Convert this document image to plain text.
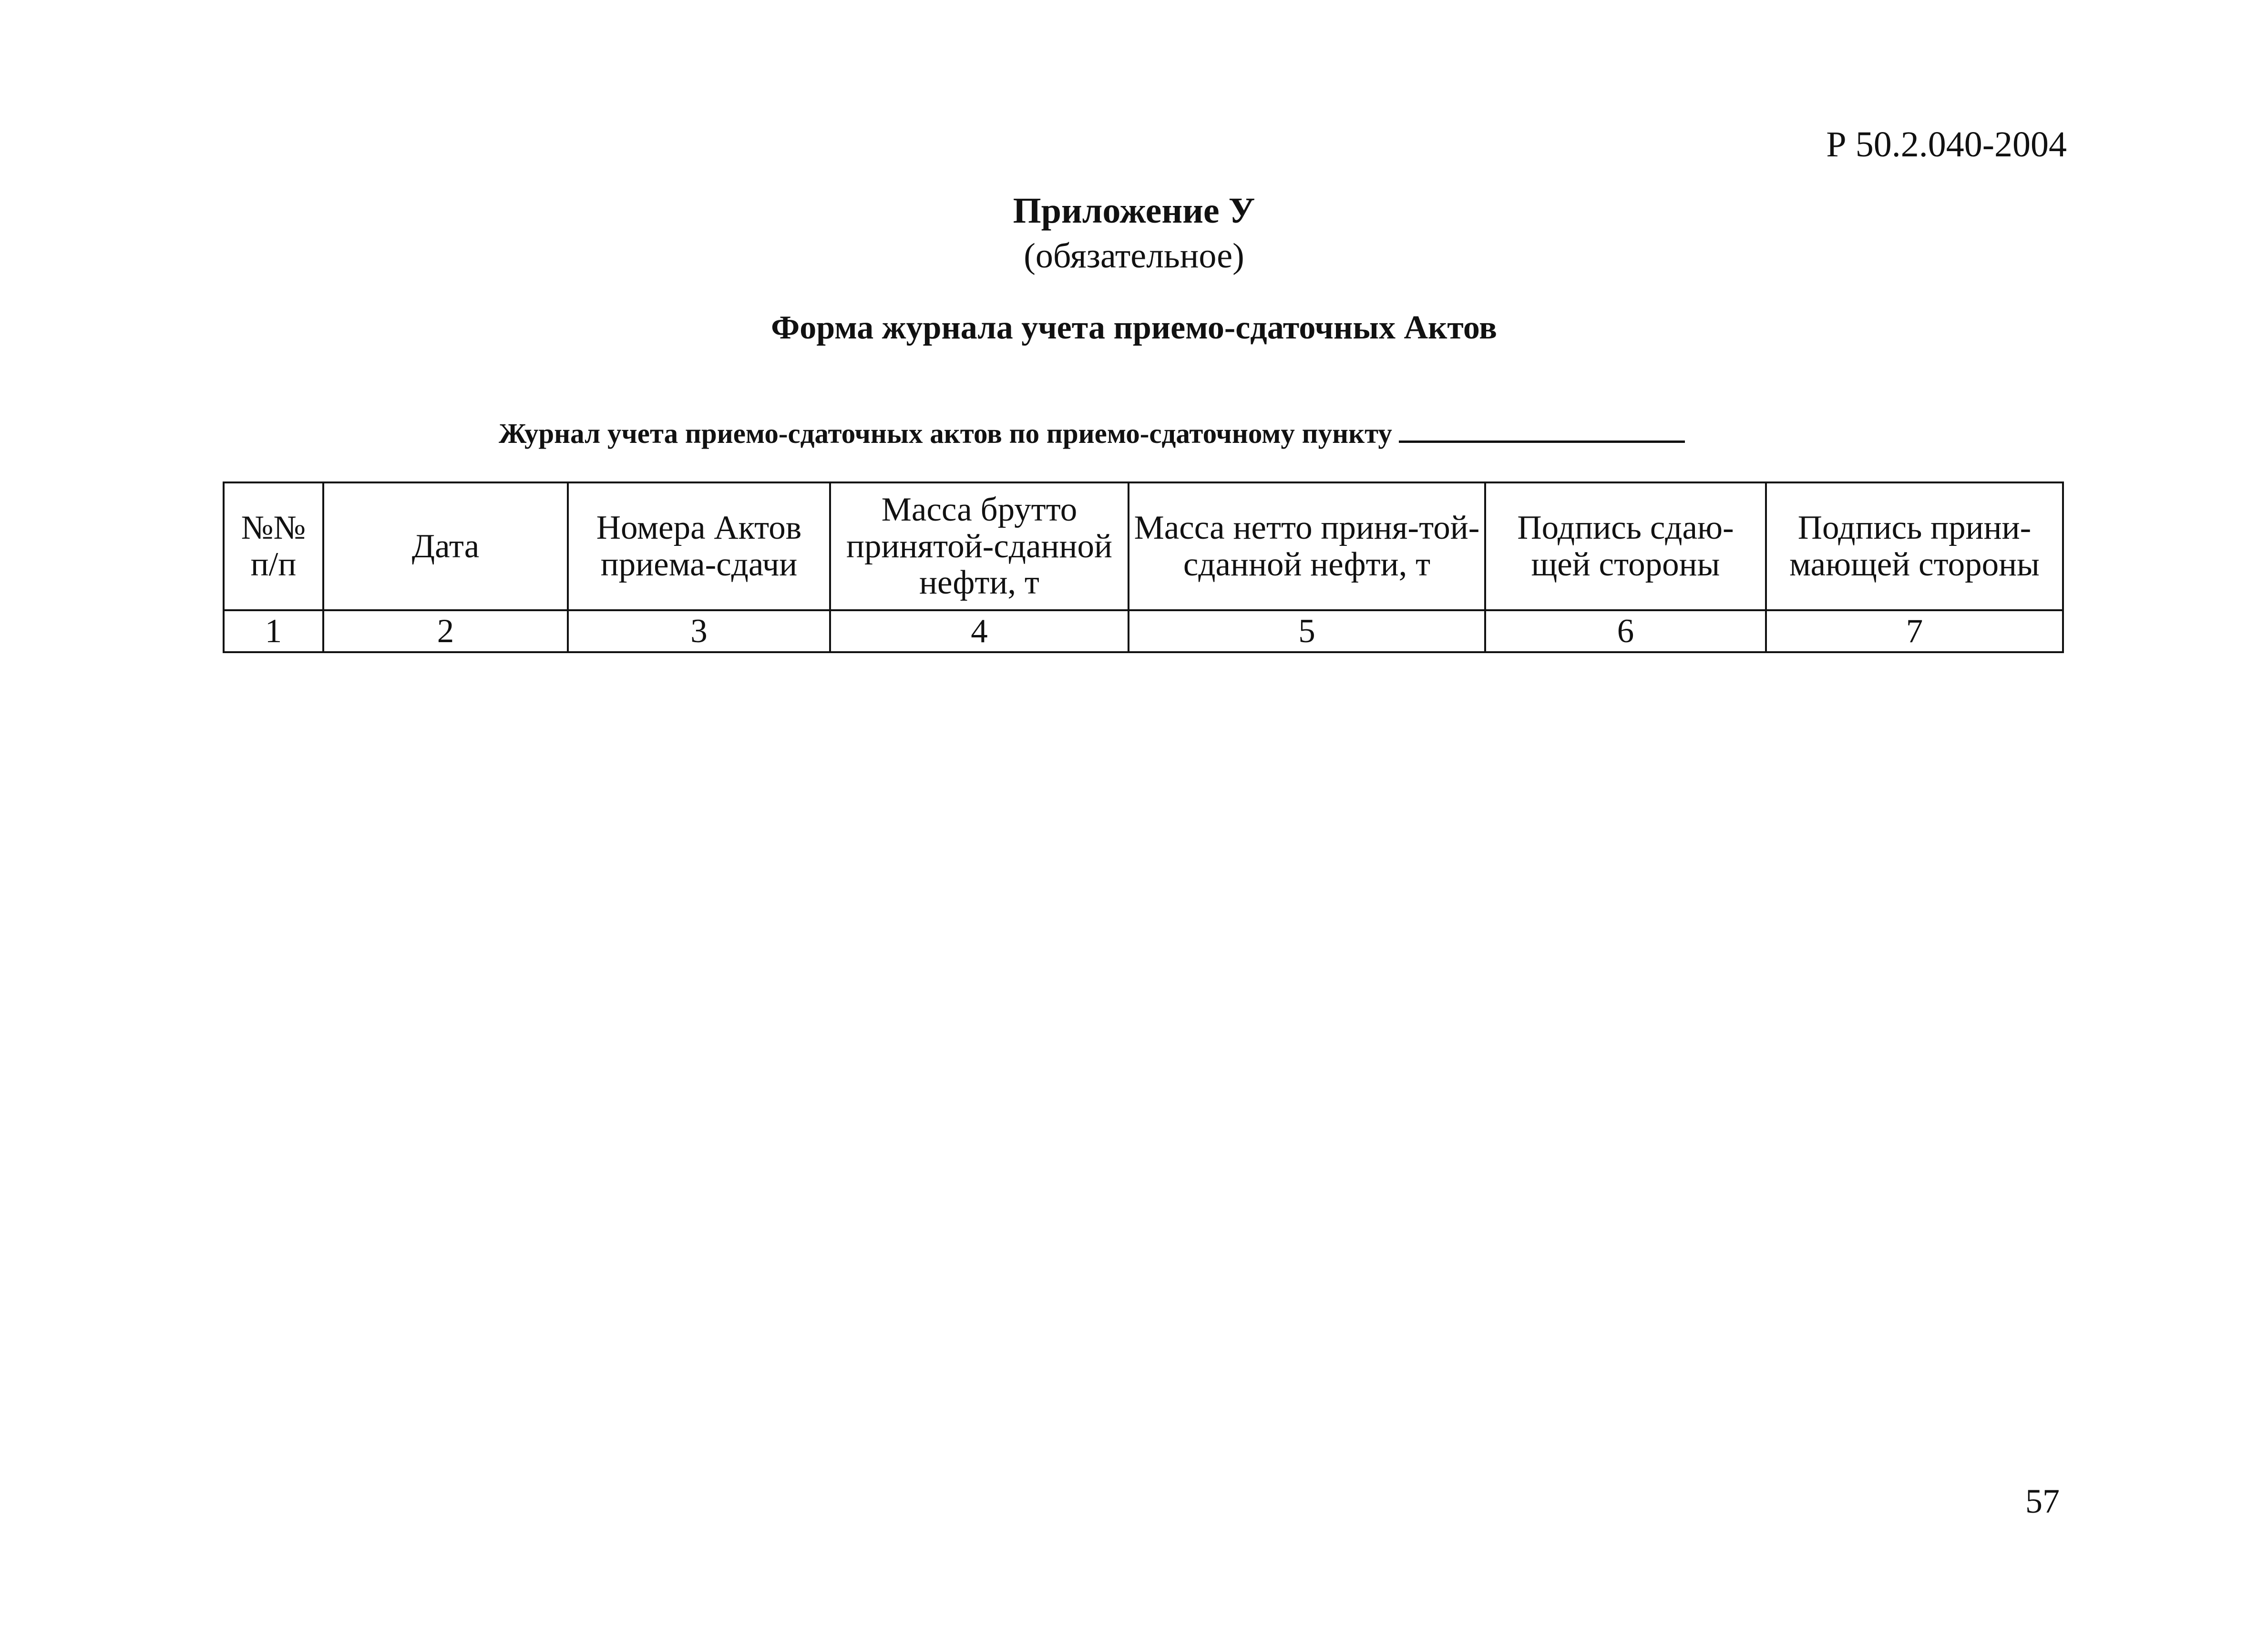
Р 50.2.040-2004
Приложение У
(обязательное)
Форма журнала учета приемо-сдаточных Актов
Журнал учета приемо-сдаточных актов по приемо-сдаточному пункту
№№ п/п	Дата	Номера Актов приема-сдачи	Масса брутто принятой-сданной нефти, т	Масса нетто приня-той-сданной нефти, т	Подпись сдаю-щей стороны	Подпись прини-мающей стороны
1	2	3	4	5	6	7
57
